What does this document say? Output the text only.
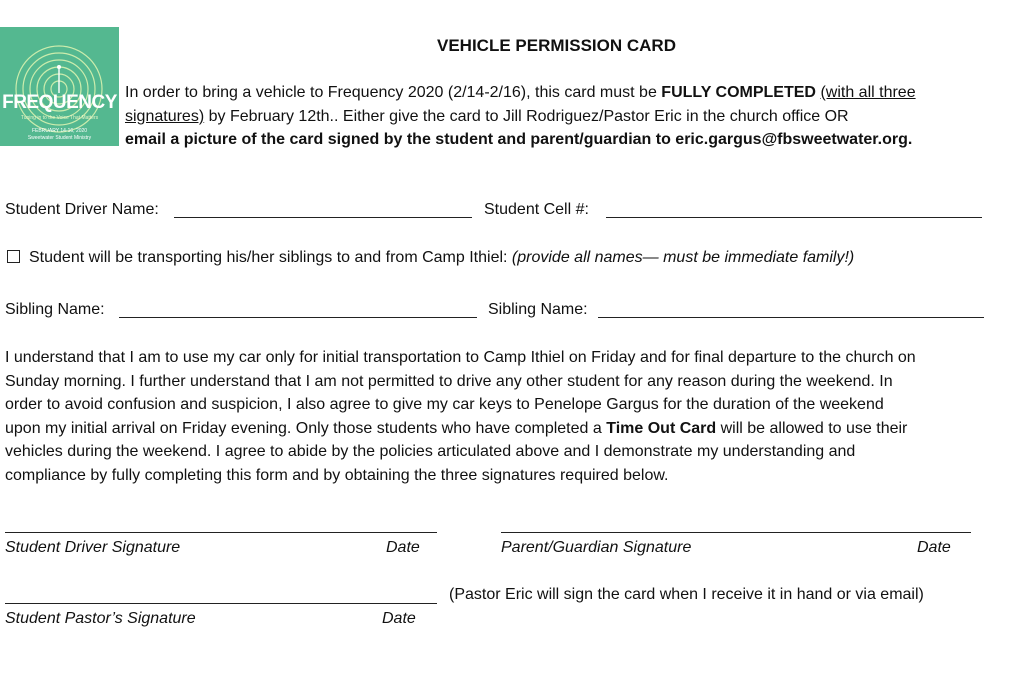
FREQUENCY
Tuning in to the Voice That Matters
FEBRUARY 14-16, 2020
Sweetwater Student Ministry
VEHICLE PERMISSION CARD
In order to bring a vehicle to Frequency 2020 (2/14-2/16), this card must be FULLY COMPLETED (with all three
signatures) by February 12th.. Either give the card to Jill Rodriguez/Pastor Eric in the church office OR
email a picture of the card signed by the student and parent/guardian to eric.gargus@fbsweetwater.org.
Student Driver Name:	Student Cell #:
Student will be transporting his/her siblings to and from Camp Ithiel: (provide all names— must be immediate family!)
Sibling Name:	Sibling Name:
I understand that I am to use my car only for initial transportation to Camp Ithiel on Friday and for final departure to the church on
Sunday morning. I further understand that I am not permitted to drive any other student for any reason during the weekend. In
order to avoid confusion and suspicion, I also agree to give my car keys to Penelope Gargus for the duration of the weekend
upon my initial arrival on Friday evening. Only those students who have completed a Time Out Card will be allowed to use their
vehicles during the weekend. I agree to abide by the policies articulated above and I demonstrate my understanding and
compliance by fully completing this form and by obtaining the three signatures required below.
Student Driver Signature	Date	Parent/Guardian Signature	Date
(Pastor Eric will sign the card when I receive it in hand or via email)
Student Pastor’s Signature	Date
